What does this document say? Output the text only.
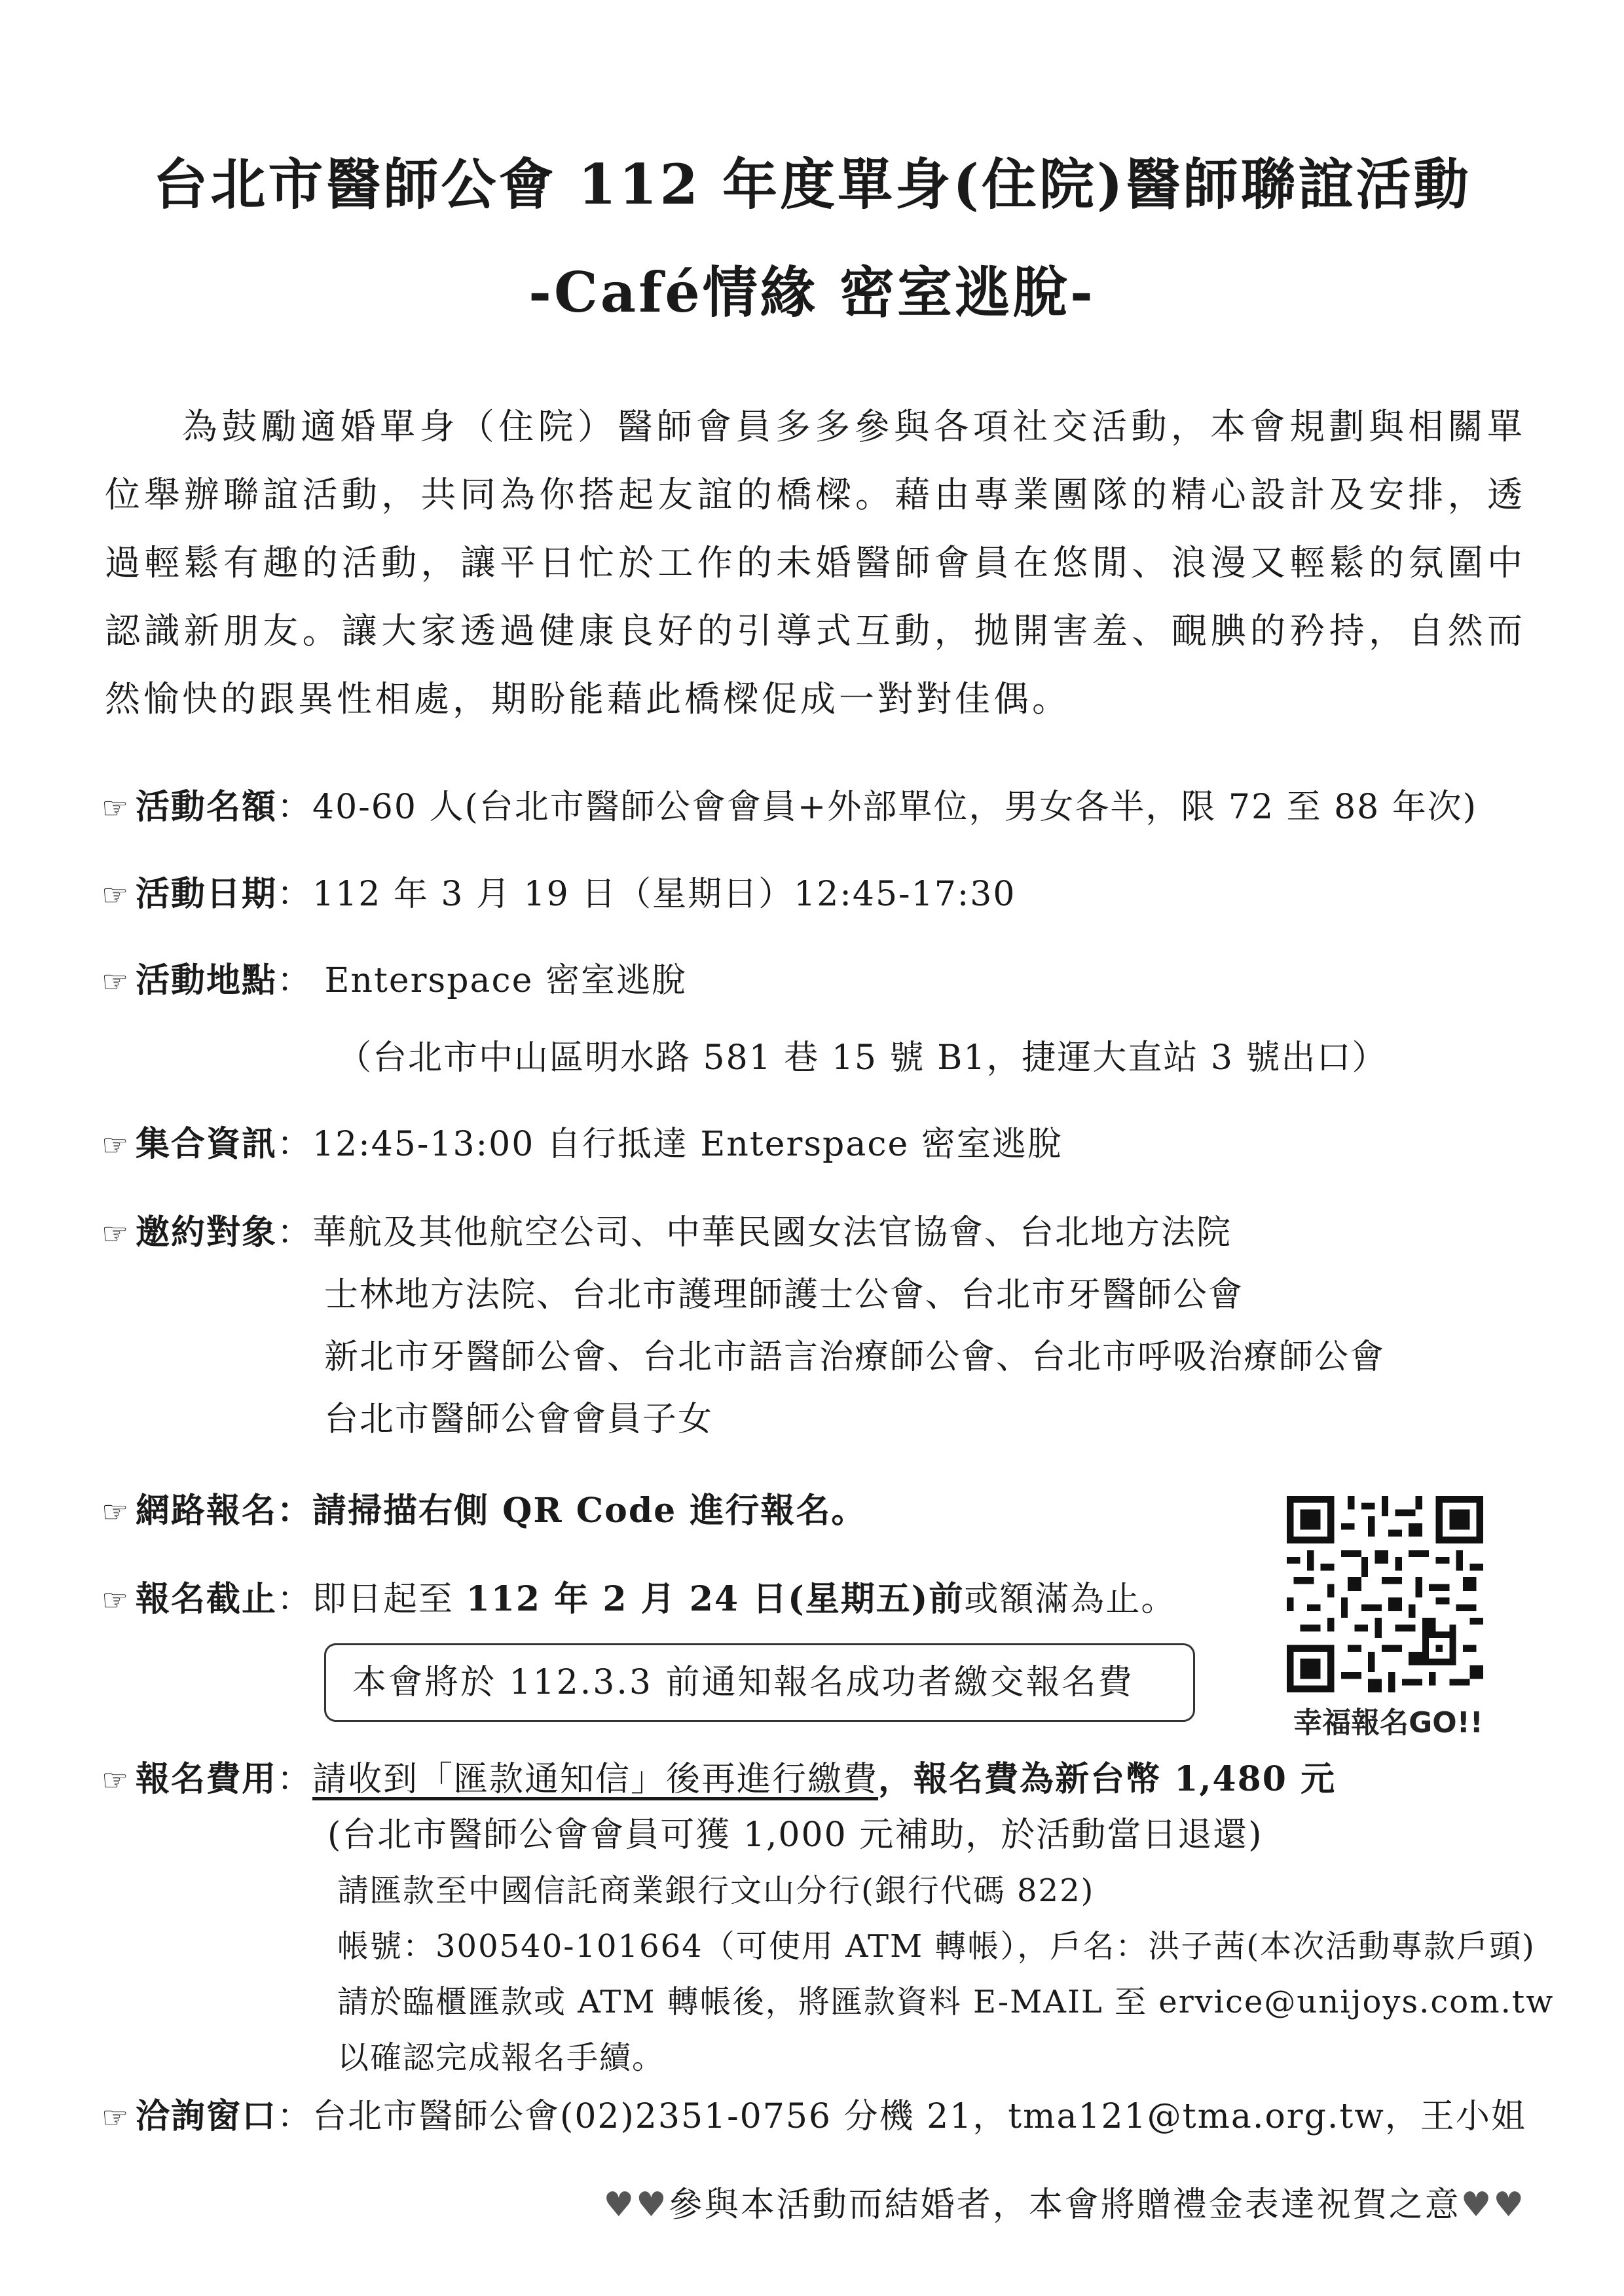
台北市醫師公會 112 年度單身(住院)醫師聯誼活動
-Café情緣 密室逃脫-

為鼓勵適婚單身（住院）醫師會員多多參與各項社交活動，本會規劃與相關單位舉辦聯誼活動，共同為你搭起友誼的橋樑。藉由專業團隊的精心設計及安排，透過輕鬆有趣的活動，讓平日忙於工作的未婚醫師會員在悠閒、浪漫又輕鬆的氛圍中認識新朋友。讓大家透過健康良好的引導式互動，拋開害羞、靦腆的矜持，自然而然愉快的跟異性相處，期盼能藉此橋樑促成一對對佳偶。

☞ 活動名額：40-60 人(台北市醫師公會會員+外部單位，男女各半，限 72 至 88 年次)
☞ 活動日期：112 年 3 月 19 日（星期日）12:45-17:30
☞ 活動地點： Enterspace 密室逃脫
（台北市中山區明水路 581 巷 15 號 B1，捷運大直站 3 號出口）
☞ 集合資訊：12:45-13:00 自行抵達 Enterspace 密室逃脫
☞ 邀約對象：華航及其他航空公司、中華民國女法官協會、台北地方法院
士林地方法院、台北市護理師護士公會、台北市牙醫師公會
新北市牙醫師公會、台北市語言治療師公會、台北市呼吸治療師公會
台北市醫師公會會員子女
☞ 網路報名：請掃描右側 QR Code 進行報名。
☞ 報名截止：即日起至 112 年 2 月 24 日(星期五)前或額滿為止。
本會將於 112.3.3 前通知報名成功者繳交報名費
幸福報名GO!!
☞ 報名費用：請收到「匯款通知信」後再進行繳費，報名費為新台幣 1,480 元
(台北市醫師公會會員可獲 1,000 元補助，於活動當日退還)
請匯款至中國信託商業銀行文山分行(銀行代碼 822)
帳號：300540-101664（可使用 ATM 轉帳），戶名：洪子茜(本次活動專款戶頭)
請於臨櫃匯款或 ATM 轉帳後，將匯款資料 E-MAIL 至 ervice@unijoys.com.tw
以確認完成報名手續。
☞ 洽詢窗口：台北市醫師公會(02)2351-0756 分機 21，tma121@tma.org.tw，王小姐
♥♥參與本活動而結婚者，本會將贈禮金表達祝賀之意♥♥
